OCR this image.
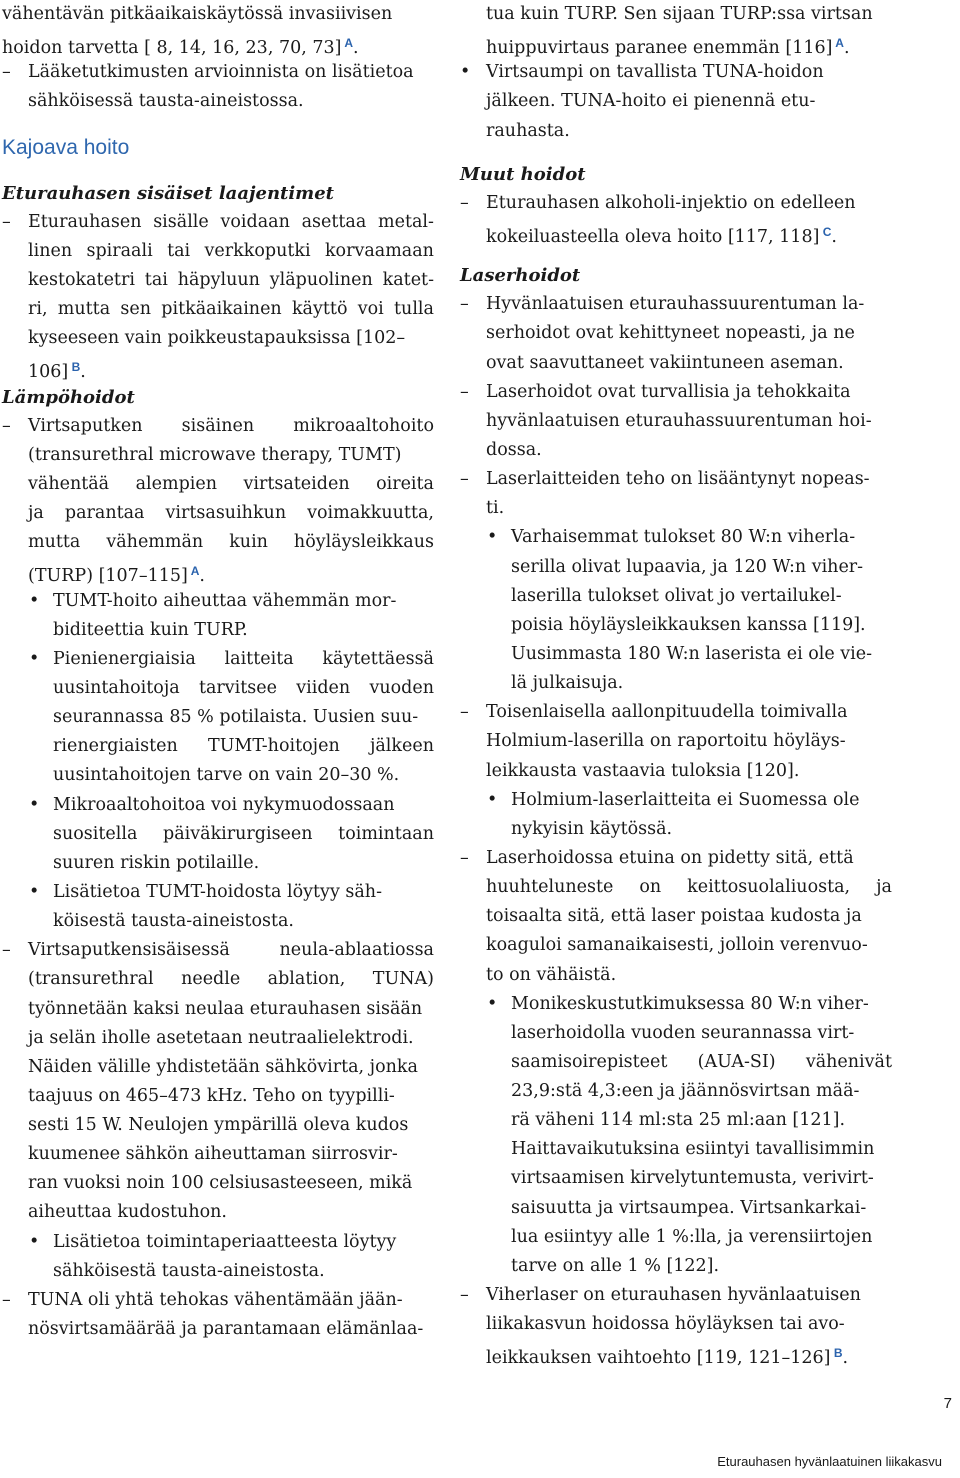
vähentävän pitkäaikaiskäytössä invasiivisen
hoidon tarvetta [ 8, 14, 16, 23, 70, 73] $^A$.
– Lääketutkimusten arvioinnista on lisätietoa
sähköisessä tausta-aineistossa.
Kajoava hoito
Eturauhasen sisäiset laajentimet
– Eturauhasen sisälle voidaan asettaa metal-
linen spiraali tai verkkoputki korvaamaan
kestokatetri tai häpyluun yläpuolinen katet-
ri, mutta sen pitkäaikainen käyttö voi tulla
kyseeseen vain poikkeustapauksissa [102–
106] $^B$.
Lämpöhoidot
– Virtsaputken sisäinen mikroaaltohoito
(transurethral microwave therapy, TUMT)
vähentää alempien virtsateiden oireita
ja parantaa virtsasuihkun voimakkuutta,
mutta vähemmän kuin höyläysleikkaus
(TURP) [107–115] $^A$.
• TUMT-hoito aiheuttaa vähemmän mor-
biditeettia kuin TURP.
• Pienienergiaisia laitteita käytettäessä
uusintahoitoja tarvitsee viiden vuoden
seurannassa 85 % potilaista. Uusien suu-
rienergiaisten TUMT-hoitojen jälkeen
uusintahoitojen tarve on vain 20–30 %.
• Mikroaaltohoitoa voi nykymuodossaan
suositella päiväkirurgiseen toimintaan
suuren riskin potilaille.
• Lisätietoa TUMT-hoidosta löytyy säh-
köisestä tausta-aineistosta.
– Virtsaputkensisäisessä	neula-ablaatiossa
(transurethral needle ablation, TUNA)
työnnetään kaksi neulaa eturauhasen sisään
ja selän iholle asetetaan neutraalielektrodi.
Näiden välille yhdistetään sähkövirta, jonka
taajuus on 465–473 kHz. Teho on tyypilli-
sesti 15 W. Neulojen ympärillä oleva kudos
kuumenee sähkön aiheuttaman siirrosvir-
ran vuoksi noin 100 celsiusasteeseen, mikä
aiheuttaa kudostuhon.
• Lisätietoa toimintaperiaatteesta löytyy
sähköisestä tausta-aineistosta.
– TUNA oli yhtä tehokas vähentämään jään-
nösvirtsamäärää ja parantamaan elämänlaa-
tua kuin TURP. Sen sijaan TURP:ssa virtsan
huippuvirtaus paranee enemmän [116] $^A$.
• Virtsaumpi on tavallista TUNA-hoidon
jälkeen. TUNA-hoito ei pienennä etu-
rauhasta.
Muut hoidot
– Eturauhasen alkoholi-injektio on edelleen
kokeiluasteella oleva hoito [117, 118] $^C$.
Laserhoidot
– Hyvänlaatuisen eturauhassuurentuman la-
serhoidot ovat kehittyneet nopeasti, ja ne
ovat saavuttaneet vakiintuneen aseman.
– Laserhoidot ovat turvallisia ja tehokkaita
hyvänlaatuisen eturauhassuurentuman hoi-
dossa.
– Laserlaitteiden teho on lisääntynyt nopeas-
ti.
• Varhaisemmat tulokset 80 W:n viherla-
serilla olivat lupaavia, ja 120 W:n viher-
laserilla tulokset olivat jo vertailukel-
poisia höyläysleikkauksen kanssa [119].
Uusimmasta 180 W:n laserista ei ole vie-
lä julkaisuja.
– Toisenlaisella aallonpituudella toimivalla
Holmium-laserilla on raportoitu höyläys-
leikkausta vastaavia tuloksia [120].
• Holmium-laserlaitteita ei Suomessa ole
nykyisin käytössä.
– Laserhoidossa etuina on pidetty sitä, että
huuhteluneste on keittosuolaliuosta, ja
toisaalta sitä, että laser poistaa kudosta ja
koaguloi samanaikaisesti, jolloin verenvuo-
to on vähäistä.
• Monikeskustutkimuksessa 80 W:n viher-
laserhoidolla vuoden seurannassa virt-
saamisoirepisteet (AUA-SI) vähenivät
23,9:stä 4,3:een ja jäännösvirtsan mää-
rä väheni 114 ml:sta 25 ml:aan [121].
Haittavaikutuksina esiintyi tavallisimmin
virtsaamisen kirvelytuntemusta, verivirt-
saisuutta ja virtsaumpea. Virtsankarkai-
lua esiintyy alle 1 %:lla, ja verensiirtojen
tarve on alle 1 % [122].
– Viherlaser on eturauhasen hyvänlaatuisen
liikakasvun hoidossa höyläyksen tai avo-
leikkauksen vaihtoehto [119, 121–126] $^B$.
7
Eturauhasen hyvänlaatuinen liikakasvu
